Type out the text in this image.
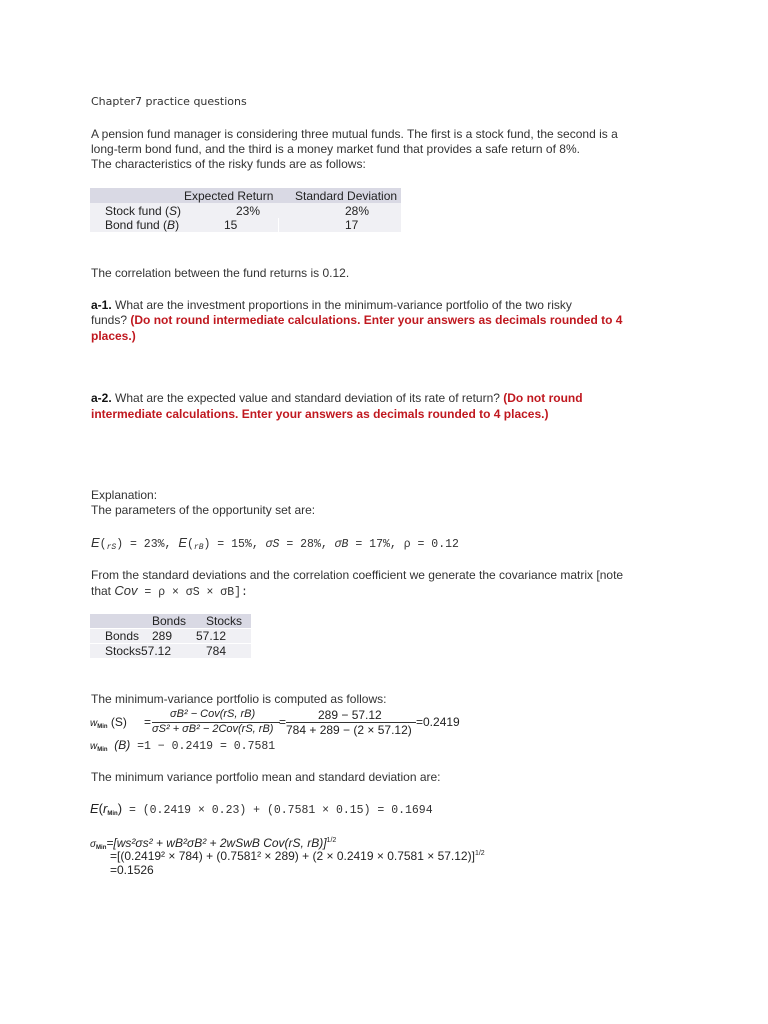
Chapter7 practice questions
A pension fund manager is considering three mutual funds. The first is a stock fund, the second is a
long-term bond fund, and the third is a money market fund that provides a safe return of 8%.
The characteristics of the risky funds are as follows:
Expected Return Standard Deviation
Stock fund (S)	23%	28%
Bond fund (B)	15	17
The correlation between the fund returns is 0.12.
a-1. What are the investment proportions in the minimum-variance portfolio of the two risky
funds? (Do not round intermediate calculations. Enter your answers as decimals rounded to 4
places.)
a-2. What are the expected value and standard deviation of its rate of return? (Do not round
intermediate calculations. Enter your answers as decimals rounded to 4 places.)
Explanation:
The parameters of the opportunity set are:
$E(_{rS}) = 23\%$, $E(_{rB}) = 15\%$, σS = 28%, σB = 17%, ρ = 0.12
From the standard deviations and the correlation coefficient we generate the covariance matrix [note
that Cov = ρ × σS × σB]:
Bonds Stocks
Bonds 289 57.12
Stocks 57.12	784
The minimum-variance portfolio is computed as follows:
$w_{Min}$ (S) =
σB² − Cov(rS, rB)
σS² + σB² − 2Cov(rS, rB) =	289 − 57.12
784 + 289 − (2 × 57.12)
=0.2419
$w_{Min}$ (B) =1 − 0.2419 = 0.7581
The minimum variance portfolio mean and standard deviation are:
$E(r_{Min}) = (0.2419 \times 0.23) + (0.7581 \times 0.15) = 0.1694$
$\sigma_{Min}=[ws^2\sigma s^2 + wB^2\sigma B^2$ + 2wSwB Cov(rS, rB)]$^{1/2}$
$=[(0.2419^2 \times 784) + (0.7581^2 \times 289) + (2 \times 0.2419 \times 0.7581 \times 57.12)]^{1/2}$
=0.1526
